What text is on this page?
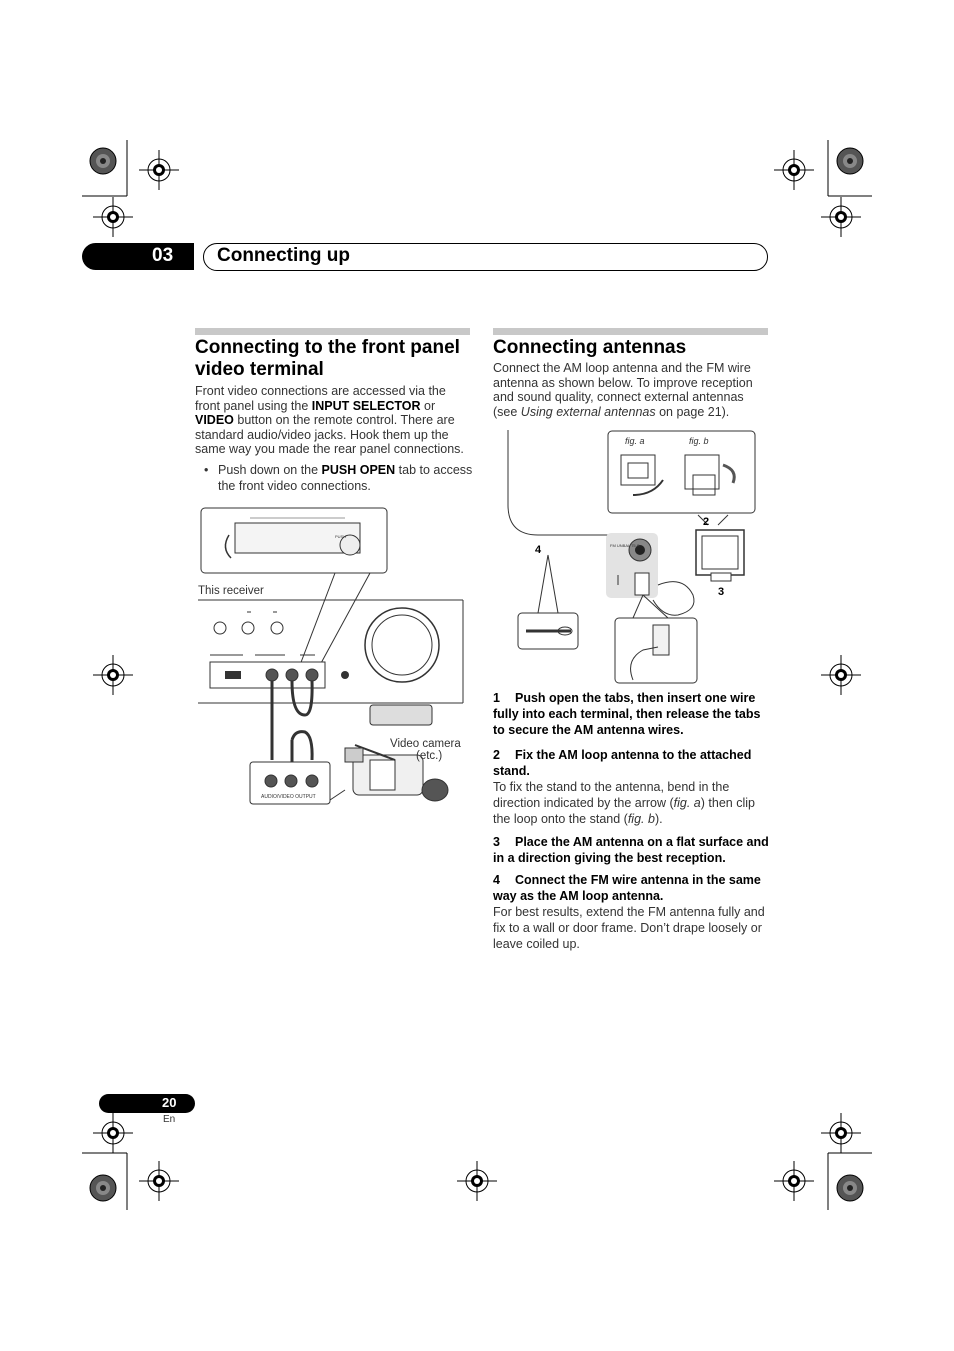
03 Connecting up
Connecting to the front panel video terminal
Front video connections are accessed via the front panel using the INPUT SELECTOR or VIDEO button on the remote control. There are standard audio/video jacks. Hook them up the same way you made the rear panel connections.
• Push down on the PUSH OPEN tab to access the front video connections.
PUSH
This receiver
AUDIO/VIDEO OUTPUT
Video camera
(etc.)
Connecting antennas
Connect the AM loop antenna and the FM wire antenna as shown below. To improve reception and sound quality, connect external antennas (see Using external antennas on page 21).
fig. a	fig. b
FM UNBAL 75 Ω
2
3
4
1 Push open the tabs, then insert one wire fully into each terminal, then release the tabs to secure the AM antenna wires.
2 Fix the AM loop antenna to the attached stand.
To fix the stand to the antenna, bend in the direction indicated by the arrow (fig. a) then clip the loop onto the stand (fig. b).
3 Place the AM antenna on a flat surface and in a direction giving the best reception.
4 Connect the FM wire antenna in the same way as the AM loop antenna.
For best results, extend the FM antenna fully and fix to a wall or door frame. Don’t drape loosely or leave coiled up.
20
En
